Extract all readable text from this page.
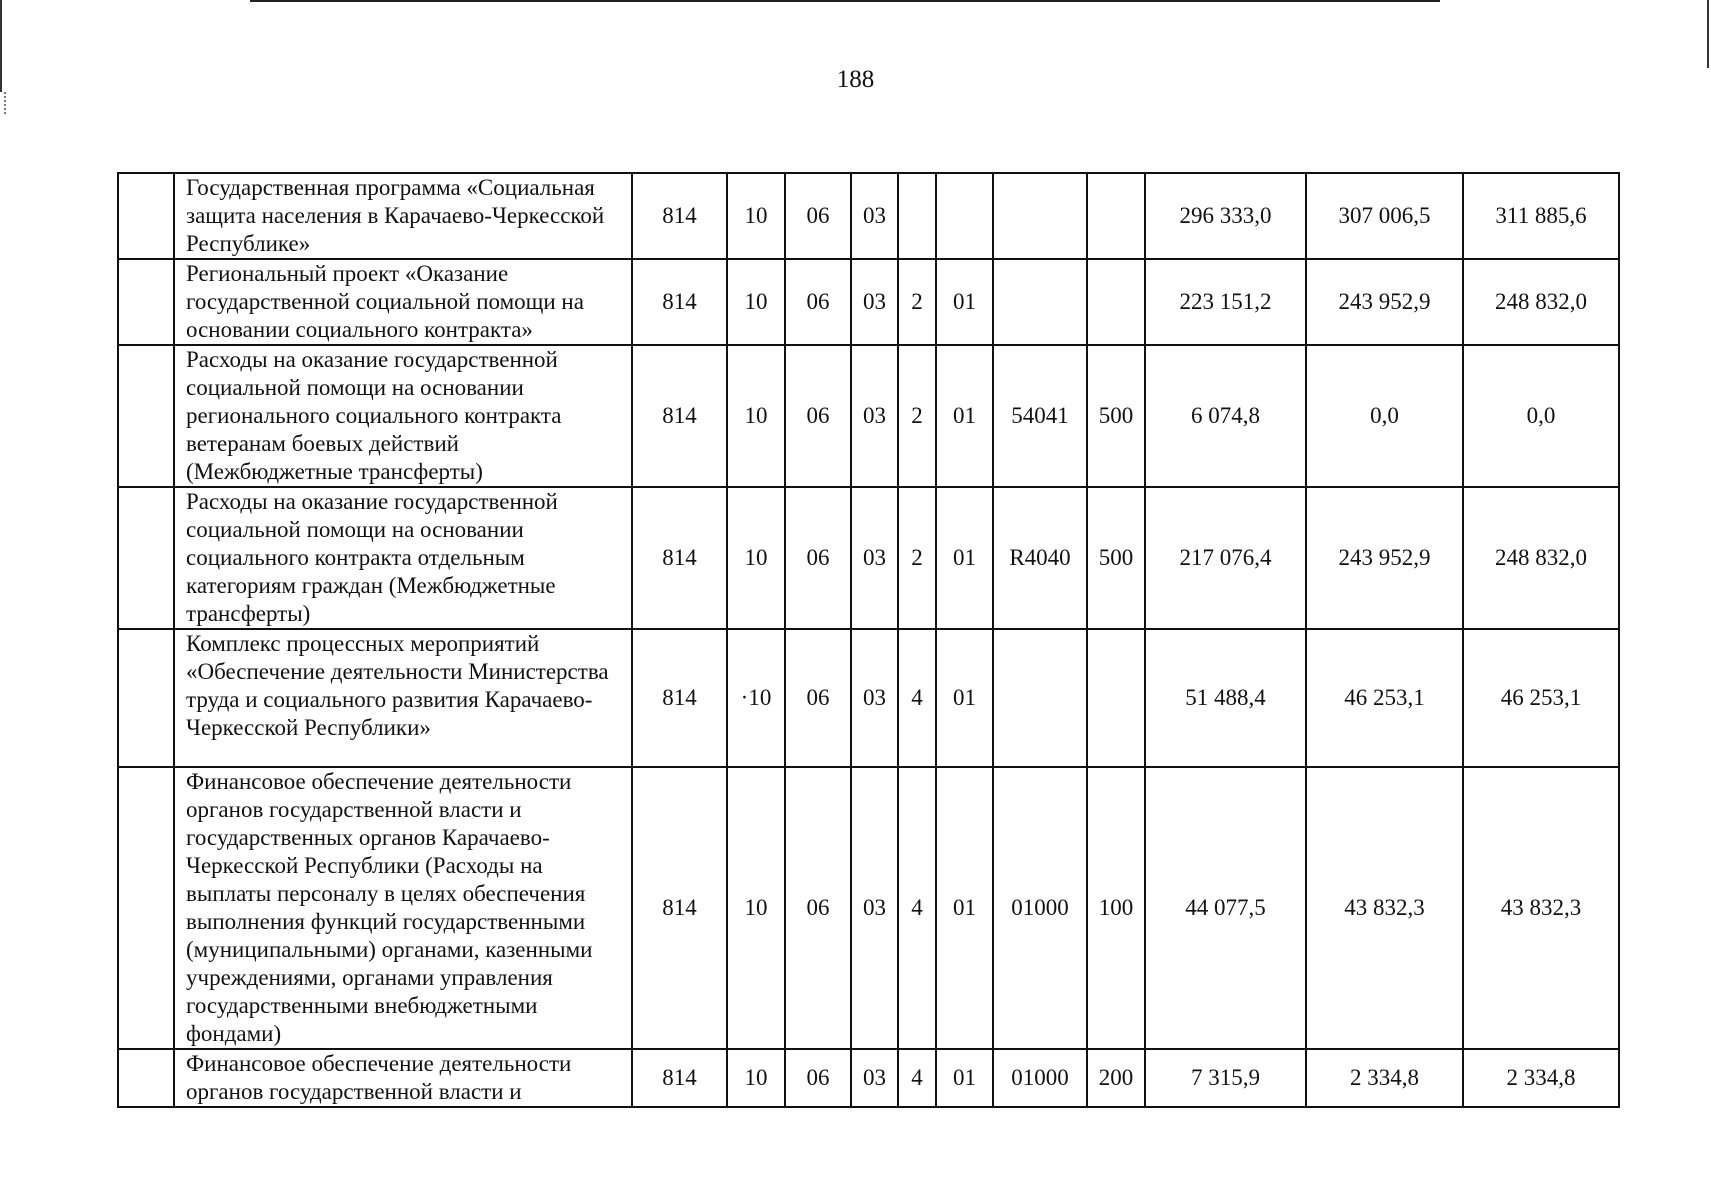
188
	Государственная программа «Социальная защита населения в Карачаево-Черкесской Республике»	814	10	06	03					296 333,0	307 006,5	311 885,6
	Региональный проект «Оказание государственной социальной помощи на основании социального контракта»	814	10	06	03	2	01			223 151,2	243 952,9	248 832,0
	Расходы на оказание государственной социальной помощи на основании регионального социального контракта ветеранам боевых действий (Межбюджетные трансферты)	814	10	06	03	2	01	54041	500	6 074,8	0,0	0,0
	Расходы на оказание государственной социальной помощи на основании социального контракта отдельным категориям граждан (Межбюджетные трансферты)	814	10	06	03	2	01	R4040	500	217 076,4	243 952,9	248 832,0
	Комплекс процессных мероприятий «Обеспечение деятельности Министерства труда и социального развития Карачаево-Черкесской Республики»	814	·10	06	03	4	01			51 488,4	46 253,1	46 253,1
	Финансовое обеспечение деятельности органов государственной власти и государственных органов Карачаево-Черкесской Республики (Расходы на выплаты персоналу в целях обеспечения выполнения функций государственными (муниципальными) органами, казенными учреждениями, органами управления государственными внебюджетными фондами)	814	10	06	03	4	01	01000	100	44 077,5	43 832,3	43 832,3
	Финансовое обеспечение деятельности органов государственной власти и	814	10	06	03	4	01	01000	200	7 315,9	2 334,8	2 334,8
